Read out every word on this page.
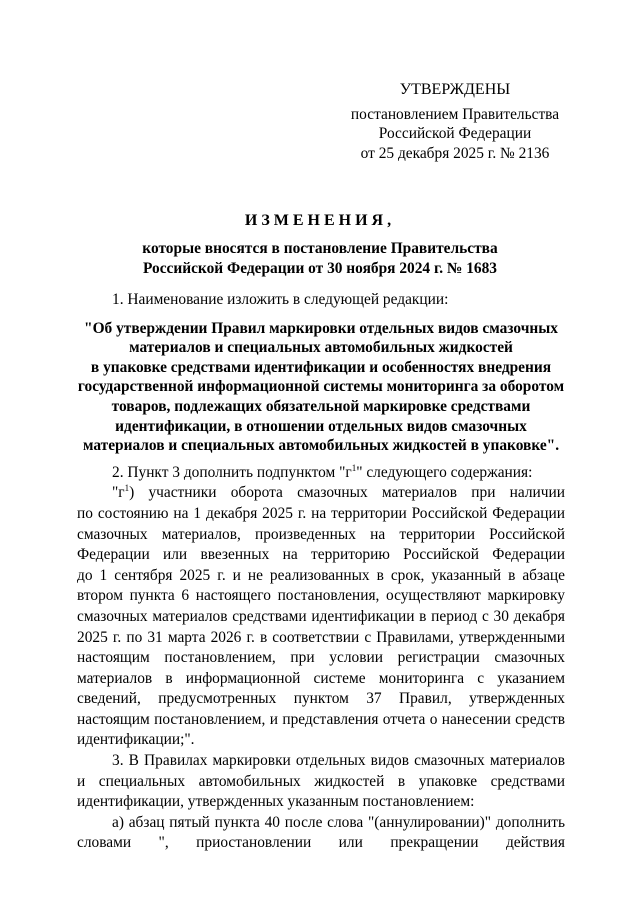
УТВЕРЖДЕНЫ
постановлением Правительства
Российской Федерации
от 25 декабря 2025 г. № 2136
ИЗМЕНЕНИЯ,
которые вносятся в постановление Правительства
Российской Федерации от 30 ноября 2024 г. № 1683
1. Наименование изложить в следующей редакции:
"Об утверждении Правил маркировки отдельных видов смазочных
материалов и специальных автомобильных жидкостей
в упаковке средствами идентификации и особенностях внедрения
государственной информационной системы мониторинга за оборотом
товаров, подлежащих обязательной маркировке средствами
идентификации, в отношении отдельных видов смазочных
материалов и специальных автомобильных жидкостей в упаковке".
2. Пункт 3 дополнить подпунктом "$г^1$" следующего содержания:
"$г^1$) участники оборота смазочных материалов при наличии
по состоянию на 1 декабря 2025 г. на территории Российской Федерации
смазочных материалов, произведенных на территории Российской
Федерации или ввезенных на территорию Российской Федерации
до 1 сентября 2025 г. и не реализованных в срок, указанный в абзаце
втором пункта 6 настоящего постановления, осуществляют маркировку
смазочных материалов средствами идентификации в период с 30 декабря
2025 г. по 31 марта 2026 г. в соответствии с Правилами, утвержденными
настоящим постановлением, при условии регистрации смазочных
материалов в информационной системе мониторинга с указанием
сведений, предусмотренных пунктом 37 Правил, утвержденных
настоящим постановлением, и представления отчета о нанесении средств
идентификации;".
3. В Правилах маркировки отдельных видов смазочных материалов
и специальных автомобильных жидкостей в упаковке средствами
идентификации, утвержденных указанным постановлением:
а) абзац пятый пункта 40 после слова "(аннулировании)" дополнить
словами ", приостановлении или прекращении действия
